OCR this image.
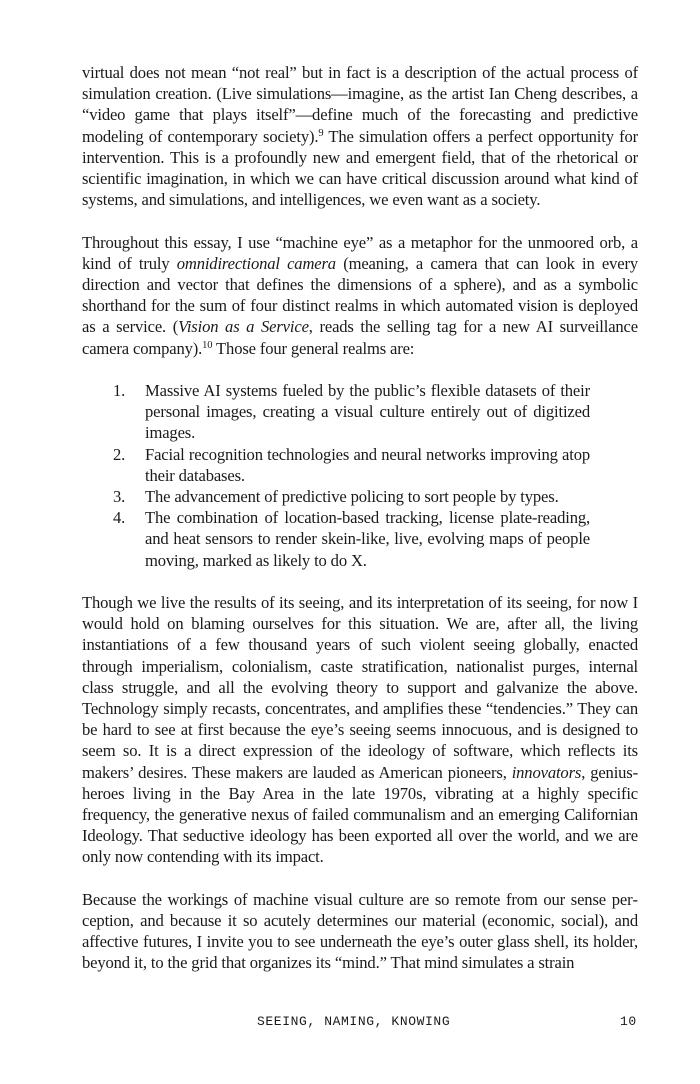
virtual does not mean “not real” but in fact is a description of the actual process of simulation creation. (Live simulations—imagine, as the artist Ian Cheng describes, a “video game that plays itself”—define much of the forecasting and predictive modeling of contemporary society).$^9$ The simulation offers a perfect opportunity for intervention. This is a profoundly new and emergent field, that of the rhetorical or scientific imagination, in which we can have critical discussion around what kind of systems, and simulations, and intelligences, we even want as a society.

Throughout this essay, I use “machine eye” as a metaphor for the unmoored orb, a kind of truly omnidirectional camera (meaning, a camera that can look in every direction and vector that defines the dimensions of a sphere), and as a symbolic shorthand for the sum of four distinct realms in which automated vision is deployed as a service. (Vision as a Service, reads the selling tag for a new AI surveillance camera company).$^{10}$ Those four general realms are:

1. Massive AI systems fueled by the public’s flexible datasets of their personal images, creating a visual culture entirely out of digitized images.
2. Facial recognition technologies and neural networks improving atop their databases.
3. The advancement of predictive policing to sort people by types.
4. The combination of location-based tracking, license plate-reading, and heat sensors to render skein-like, live, evolving maps of people moving, marked as likely to do X.

Though we live the results of its seeing, and its interpretation of its seeing, for now I would hold on blaming ourselves for this situation. We are, after all, the living instantiations of a few thousand years of such violent seeing globally, enacted through imperialism, colonialism, caste stratification, nationalist purges, internal class struggle, and all the evolving theory to support and galvanize the above. Technology simply recasts, concentrates, and amplifies these “tendencies.” They can be hard to see at first because the eye’s seeing seems innocuous, and is designed to seem so. It is a direct expression of the ideology of software, which reflects its makers’ desires. These makers are lauded as American pioneers, innovators, genius-heroes living in the Bay Area in the late 1970s, vibrating at a highly specific frequency, the generative nexus of failed communalism and an emerging Californian Ideology. That seductive ideology has been exported all over the world, and we are only now contending with its impact.

Because the workings of machine visual culture are so remote from our sense perception, and because it so acutely determines our material (economic, social), and affective futures, I invite you to see underneath the eye’s outer glass shell, its holder, beyond it, to the grid that organizes its “mind.” That mind simulates a strain

SEEING, NAMING, KNOWING	10
